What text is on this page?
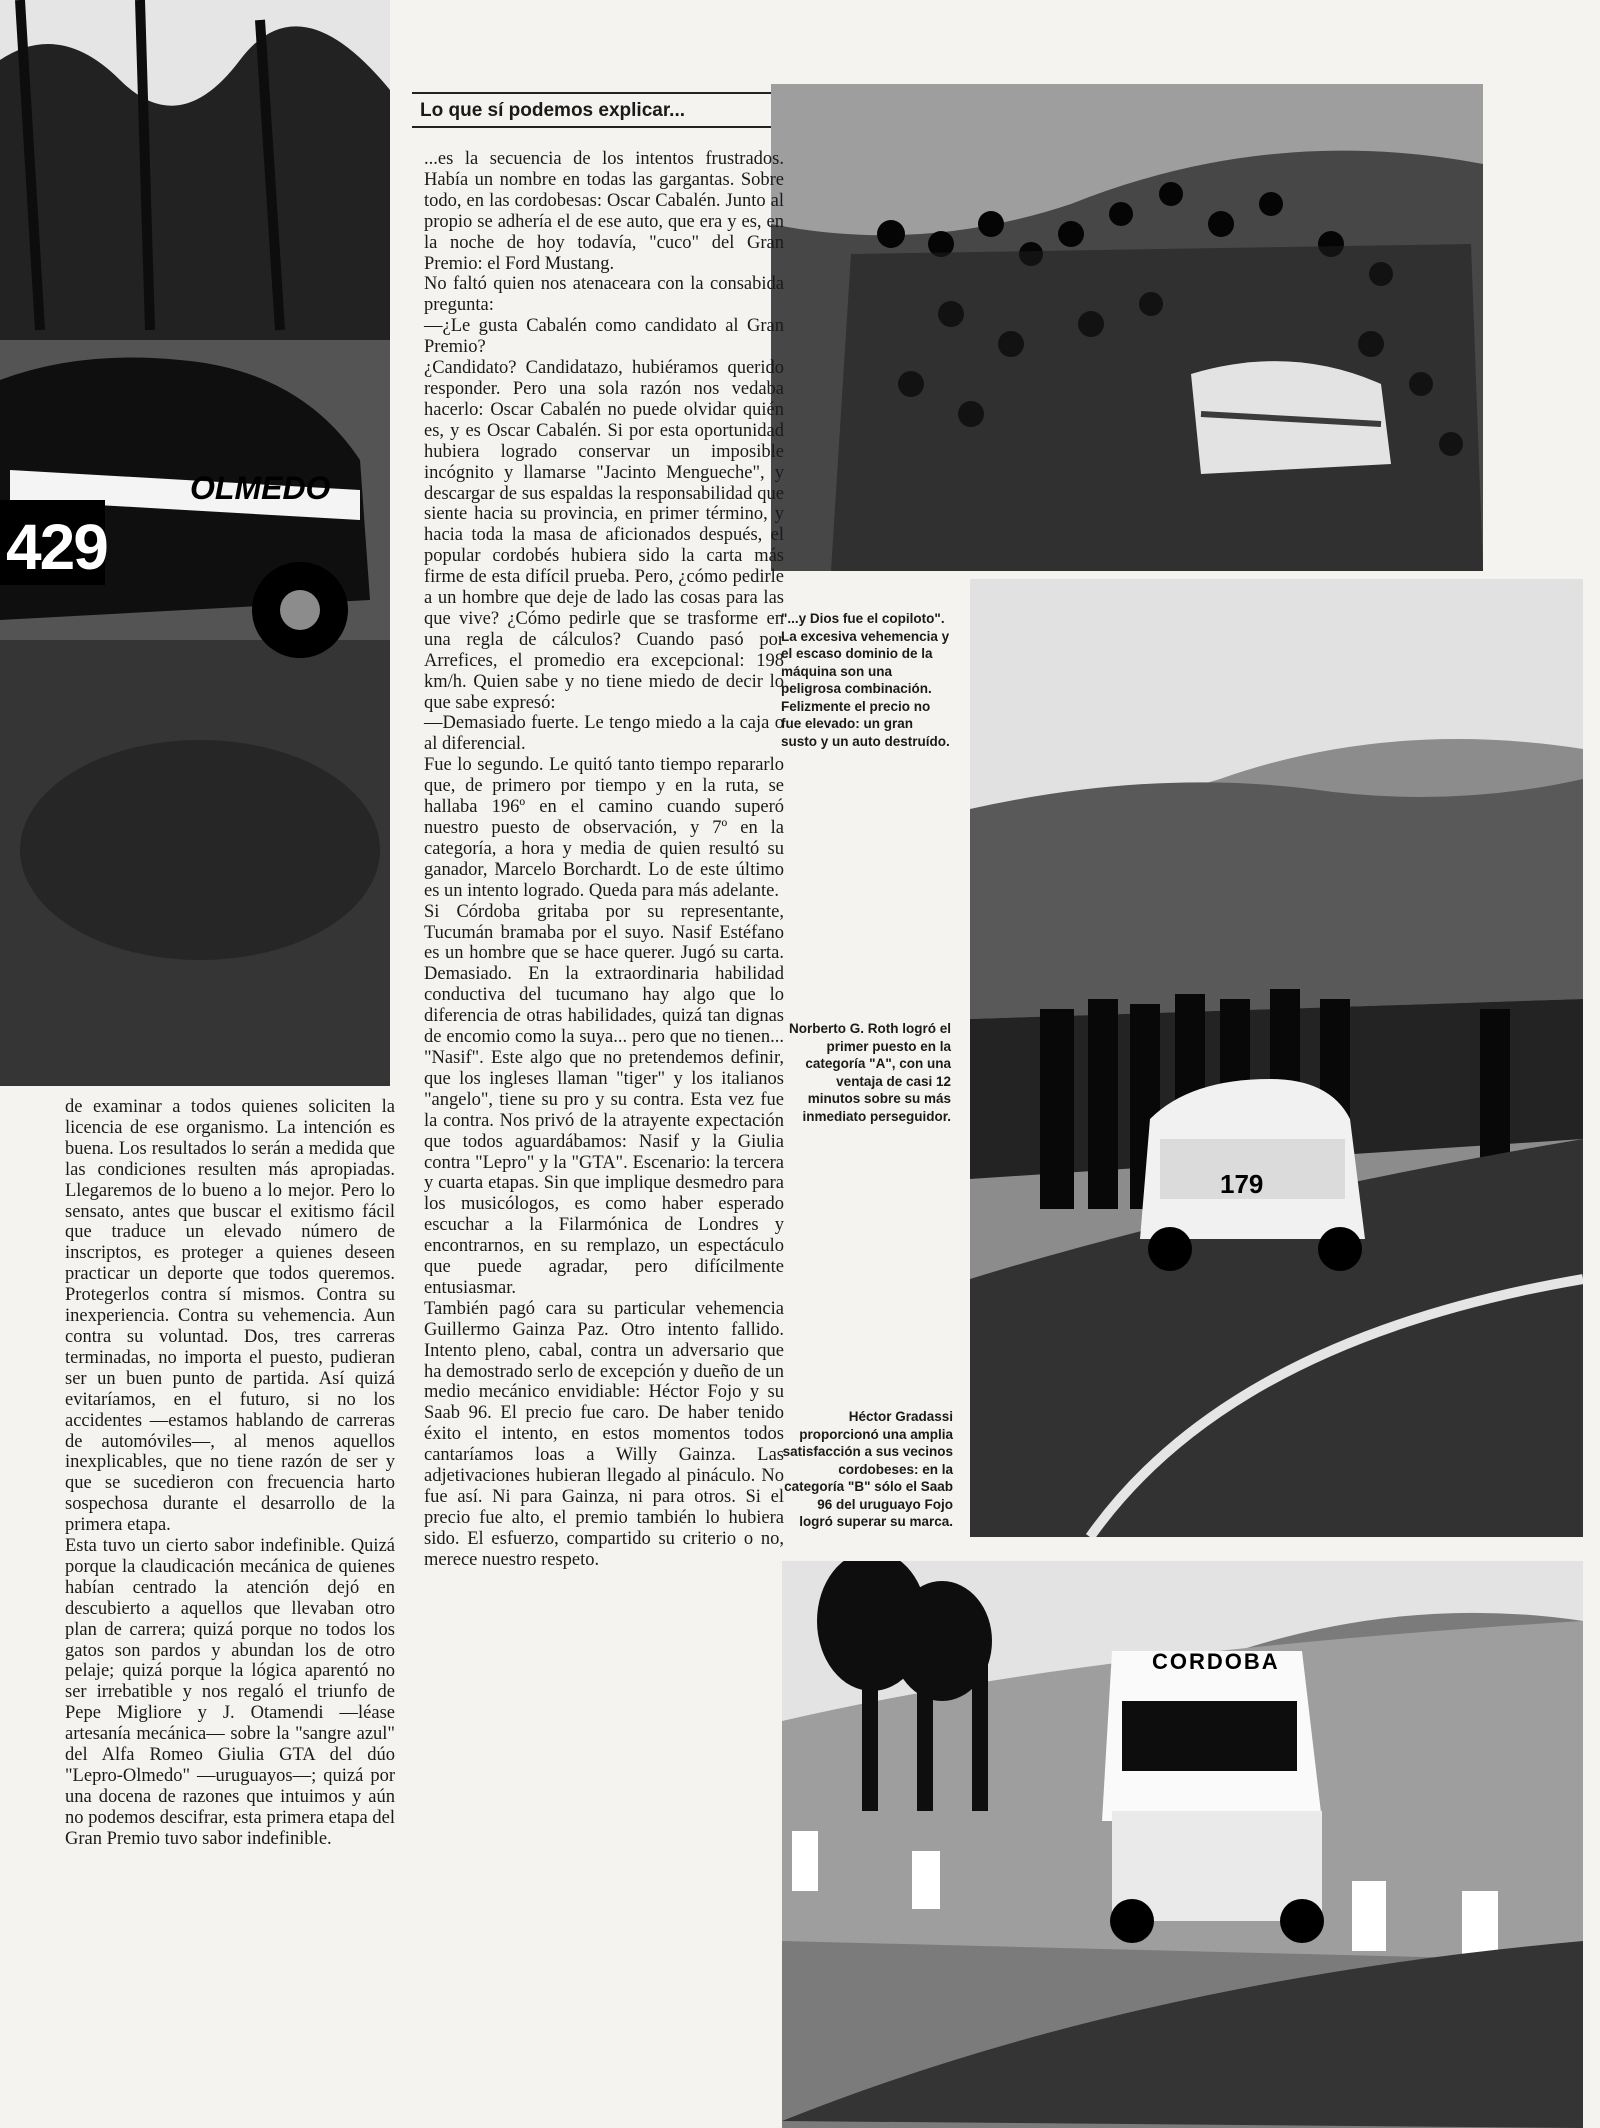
429
OLMEDO
Lo que sí podemos explicar...
179
CORDOBA

"...y Dios fue el copiloto". La excesiva vehemencia y el escaso dominio de la máquina son una peligrosa combinación. Felizmente el precio no fue elevado: un gran susto y un auto destruído.

Norberto G. Roth logró el primer puesto en la categoría "A", con una ventaja de casi 12 minutos sobre su más inmediato perseguidor.

Héctor Gradassi proporcionó una amplia satisfacción a sus vecinos cordobeses: en la categoría "B" sólo el Saab 96 del uruguayo Fojo logró superar su marca.

...es la secuencia de los intentos frustrados. Había un nombre en todas las gargantas. Sobre todo, en las cordobesas: Oscar Cabalén. Junto al propio se adhería el de ese auto, que era y es, en la noche de hoy todavía, "cuco" del Gran Premio: el Ford Mustang.

No faltó quien nos atenaceara con la consabida pregunta:

—¿Le gusta Cabalén como candidato al Gran Premio?

¿Candidato? Candidatazo, hubiéramos querido responder. Pero una sola razón nos vedaba hacerlo: Oscar Cabalén no puede olvidar quién es, y es Oscar Cabalén. Si por esta oportunidad hubiera logrado conservar un imposible incógnito y llamarse "Jacinto Mengueche", y descargar de sus espaldas la responsabilidad que siente hacia su provincia, en primer término, y hacia toda la masa de aficionados después, el popular cordobés hubiera sido la carta más firme de esta difícil prueba. Pero, ¿cómo pedirle a un hombre que deje de lado las cosas para las que vive? ¿Cómo pedirle que se trasforme en una regla de cálculos? Cuando pasó por Arrefices, el promedio era excepcional: 198 km/h. Quien sabe y no tiene miedo de decir lo que sabe expresó:

—Demasiado fuerte. Le tengo miedo a la caja o al diferencial.

Fue lo segundo. Le quitó tanto tiempo repararlo que, de primero por tiempo y en la ruta, se hallaba 196º en el camino cuando superó nuestro puesto de observación, y 7º en la categoría, a hora y media de quien resultó su ganador, Marcelo Borchardt. Lo de este último es un intento logrado. Queda para más adelante.

Si Córdoba gritaba por su representante, Tucumán bramaba por el suyo. Nasif Estéfano es un hombre que se hace querer. Jugó su carta. Demasiado. En la extraordinaria habilidad conductiva del tucumano hay algo que lo diferencia de otras habilidades, quizá tan dignas de encomio como la suya... pero que no tienen... "Nasif". Este algo que no pretendemos definir, que los ingleses llaman "tiger" y los italianos "angelo", tiene su pro y su contra. Esta vez fue la contra. Nos privó de la atrayente expectación que todos aguardábamos: Nasif y la Giulia contra "Lepro" y la "GTA". Escenario: la tercera y cuarta etapas. Sin que implique desmedro para los musicólogos, es como haber esperado escuchar a la Filarmónica de Londres y encontrarnos, en su remplazo, un espectáculo que puede agradar, pero difícilmente entusiasmar.

También pagó cara su particular vehemencia Guillermo Gainza Paz. Otro intento fallido. Intento pleno, cabal, contra un adversario que ha demostrado serlo de excepción y dueño de un medio mecánico envidiable: Héctor Fojo y su Saab 96. El precio fue caro. De haber tenido éxito el intento, en estos momentos todos cantaríamos loas a Willy Gainza. Las adjetivaciones hubieran llegado al pináculo. No fue así. Ni para Gainza, ni para otros. Si el precio fue alto, el premio también lo hubiera sido. El esfuerzo, compartido su criterio o no, merece nuestro respeto.

de examinar a todos quienes soliciten la licencia de ese organismo. La intención es buena. Los resultados lo serán a medida que las condiciones resulten más apropiadas. Llegaremos de lo bueno a lo mejor. Pero lo sensato, antes que buscar el exitismo fácil que traduce un elevado número de inscriptos, es proteger a quienes deseen practicar un deporte que todos queremos. Protegerlos contra sí mismos. Contra su inexperiencia. Contra su vehemencia. Aun contra su voluntad. Dos, tres carreras terminadas, no importa el puesto, pudieran ser un buen punto de partida. Así quizá evitaríamos, en el futuro, si no los accidentes —estamos hablando de carreras de automóviles—, al menos aquellos inexplicables, que no tiene razón de ser y que se sucedieron con frecuencia harto sospechosa durante el desarrollo de la primera etapa.

Esta tuvo un cierto sabor indefinible. Quizá porque la claudicación mecánica de quienes habían centrado la atención dejó en descubierto a aquellos que llevaban otro plan de carrera; quizá porque no todos los gatos son pardos y abundan los de otro pelaje; quizá porque la lógica aparentó no ser irrebatible y nos regaló el triunfo de Pepe Migliore y J. Otamendi —léase artesanía mecánica— sobre la "sangre azul" del Alfa Romeo Giulia GTA del dúo "Lepro-Olmedo" —uruguayos—; quizá por una docena de razones que intuimos y aún no podemos descifrar, esta primera etapa del Gran Premio tuvo sabor indefinible.
